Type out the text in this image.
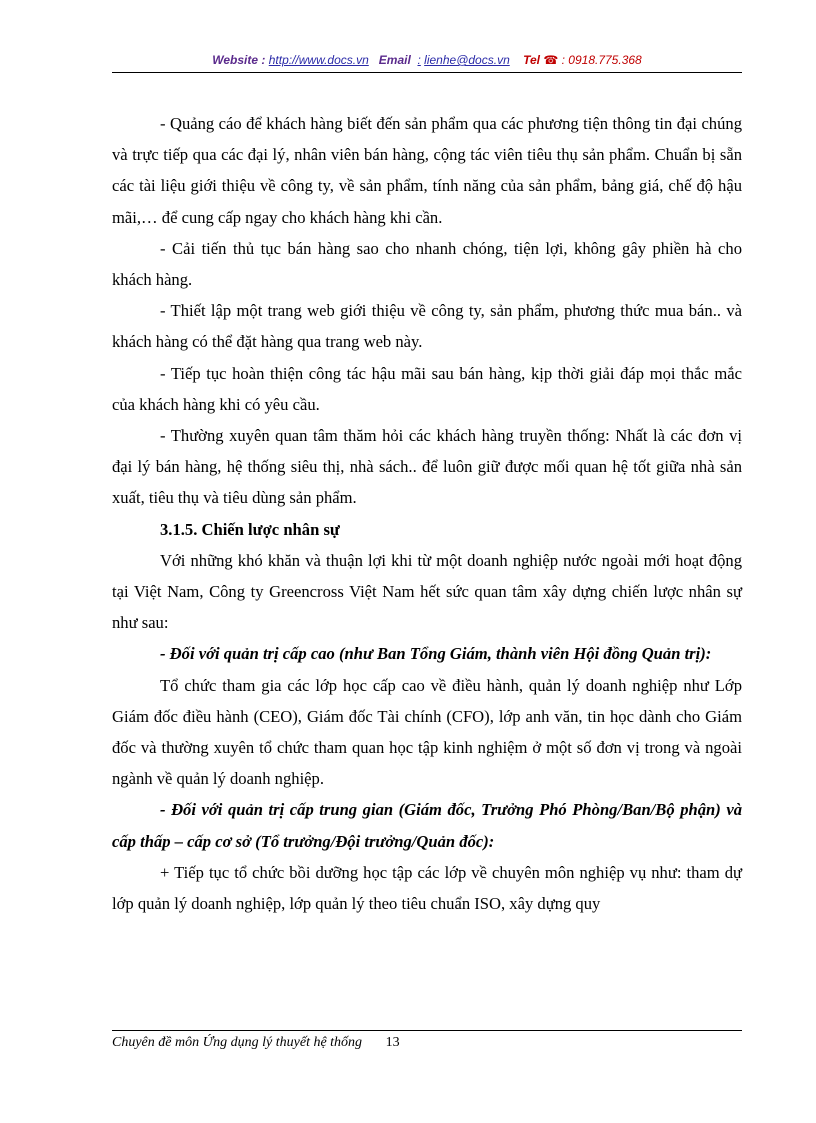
Website : http://www.docs.vn Email : lienhe@docs.vn Tel ☎ : 0918.775.368

- Quảng cáo để khách hàng biết đến sản phẩm qua các phương tiện thông tin đại chúng và trực tiếp qua các đại lý, nhân viên bán hàng, cộng tác viên tiêu thụ sản phẩm. Chuẩn bị sẵn các tài liệu giới thiệu về công ty, về sản phẩm, tính năng của sản phẩm, bảng giá, chế độ hậu mãi,… để cung cấp ngay cho khách hàng khi cần.

- Cải tiến thủ tục bán hàng sao cho nhanh chóng, tiện lợi, không gây phiền hà cho khách hàng.

- Thiết lập một trang web giới thiệu về công ty, sản phẩm, phương thức mua bán.. và khách hàng có thể đặt hàng qua trang web này.

- Tiếp tục hoàn thiện công tác hậu mãi sau bán hàng, kịp thời giải đáp mọi thắc mắc của khách hàng khi có yêu cầu.

- Thường xuyên quan tâm thăm hỏi các khách hàng truyền thống: Nhất là các đơn vị đại lý bán hàng, hệ thống siêu thị, nhà sách.. để luôn giữ được mối quan hệ tốt giữa nhà sản xuất, tiêu thụ và tiêu dùng sản phẩm.

3.1.5. Chiến lược nhân sự

Với những khó khăn và thuận lợi khi từ một doanh nghiệp nước ngoài mới hoạt động tại Việt Nam, Công ty Greencross Việt Nam hết sức quan tâm xây dựng chiến lược nhân sự như sau:

- Đối với quản trị cấp cao (như Ban Tổng Giám, thành viên Hội đồng Quản trị):

Tổ chức tham gia các lớp học cấp cao về điều hành, quản lý doanh nghiệp như Lớp Giám đốc điều hành (CEO), Giám đốc Tài chính (CFO), lớp anh văn, tin học dành cho Giám đốc và thường xuyên tổ chức tham quan học tập kinh nghiệm ở một số đơn vị trong và ngoài ngành về quản lý doanh nghiệp.

- Đối với quản trị cấp trung gian (Giám đốc, Trưởng Phó Phòng/Ban/Bộ phận) và cấp thấp – cấp cơ sở (Tổ trưởng/Đội trưởng/Quản đốc):

+ Tiếp tục tổ chức bồi dưỡng học tập các lớp về chuyên môn nghiệp vụ như: tham dự lớp quản lý doanh nghiệp, lớp quản lý theo tiêu chuẩn ISO, xây dựng quy

Chuyên đề môn Ứng dụng lý thuyết hệ thống 13
